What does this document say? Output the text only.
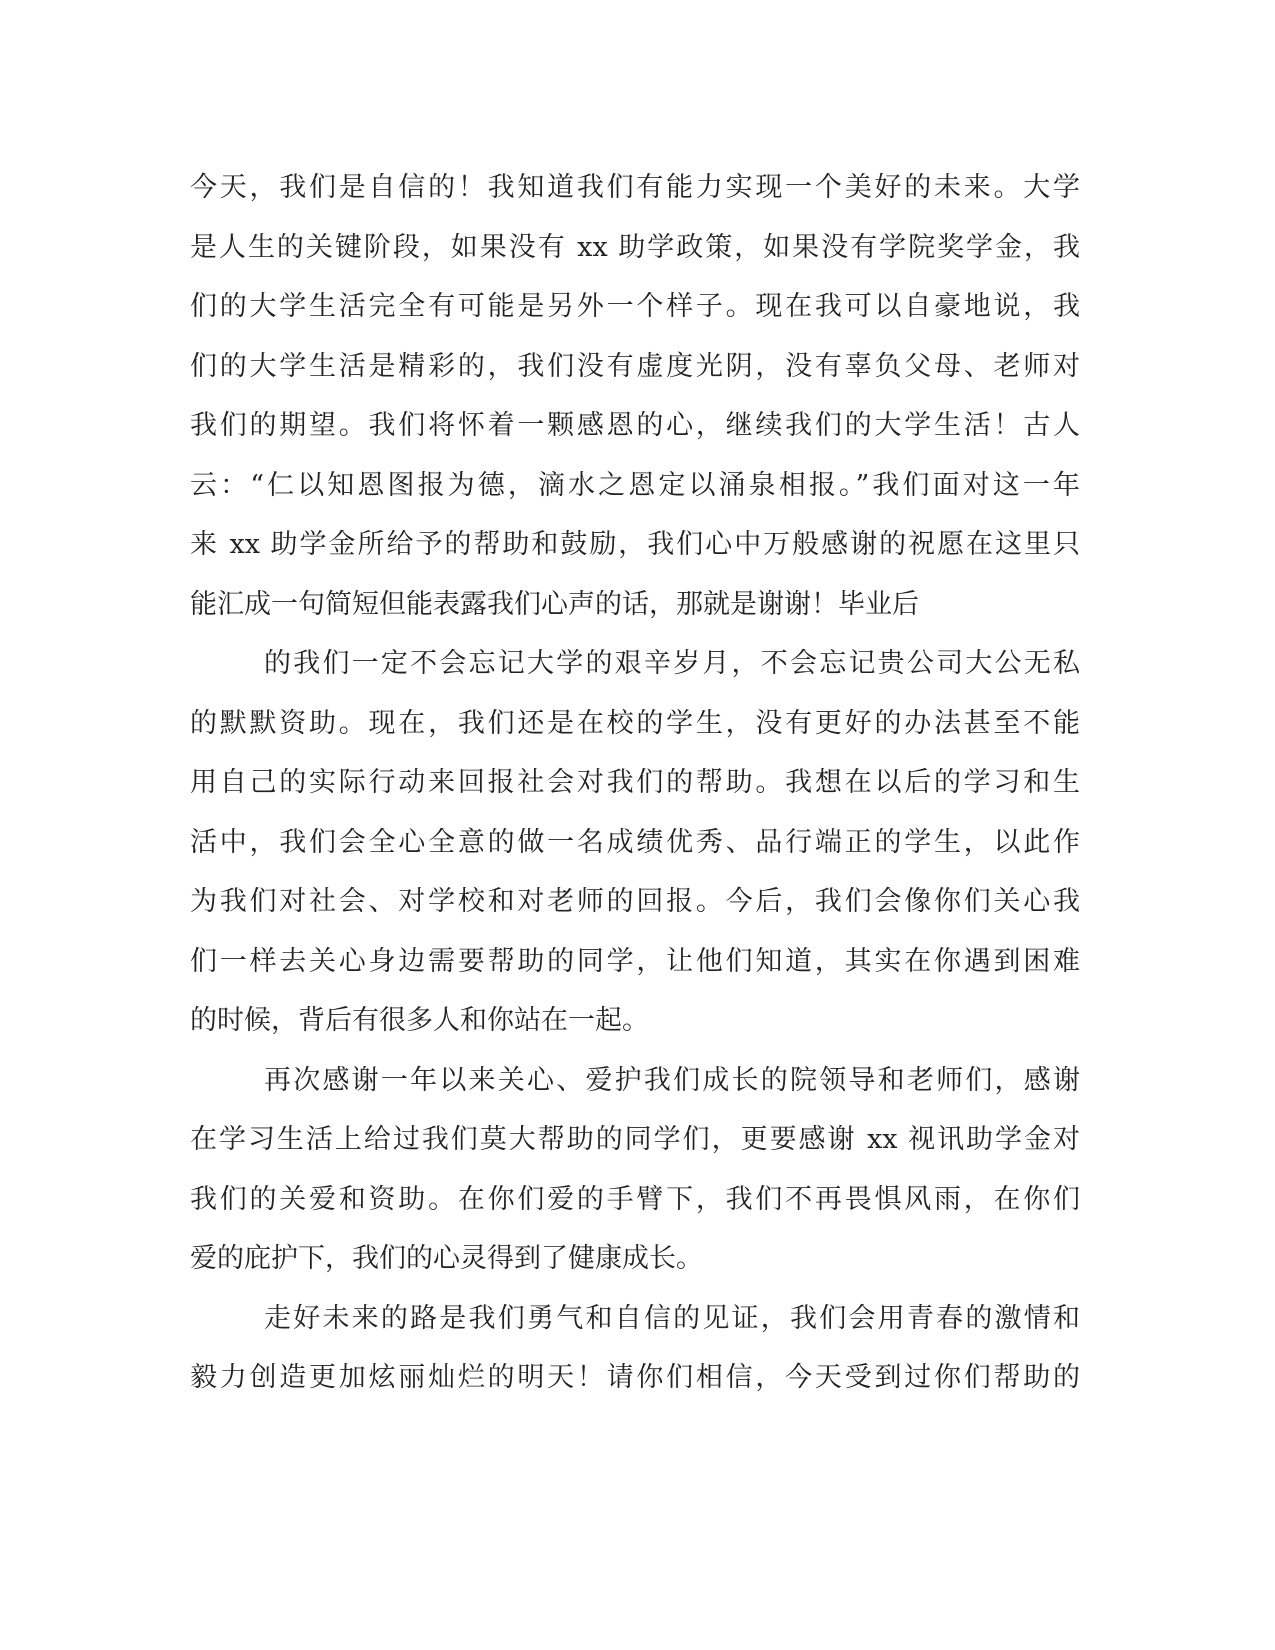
今天，我们是自信的！我知道我们有能力实现一个美好的未来。大学
是人生的关键阶段，如果没有 xx 助学政策，如果没有学院奖学金，我
们的大学生活完全有可能是另外一个样子。现在我可以自豪地说，我
们的大学生活是精彩的，我们没有虚度光阴，没有辜负父母、老师对
我们的期望。我们将怀着一颗感恩的心，继续我们的大学生活！古人
云：“仁以知恩图报为德，滴水之恩定以涌泉相报。”我们面对这一年
来 xx 助学金所给予的帮助和鼓励，我们心中万般感谢的祝愿在这里只
能汇成一句简短但能表露我们心声的话，那就是谢谢！毕业后

的我们一定不会忘记大学的艰辛岁月，不会忘记贵公司大公无私
的默默资助。现在，我们还是在校的学生，没有更好的办法甚至不能
用自己的实际行动来回报社会对我们的帮助。我想在以后的学习和生
活中，我们会全心全意的做一名成绩优秀、品行端正的学生，以此作
为我们对社会、对学校和对老师的回报。今后，我们会像你们关心我
们一样去关心身边需要帮助的同学，让他们知道，其实在你遇到困难
的时候，背后有很多人和你站在一起。

再次感谢一年以来关心、爱护我们成长的院领导和老师们，感谢
在学习生活上给过我们莫大帮助的同学们，更要感谢 xx 视讯助学金对
我们的关爱和资助。在你们爱的手臂下，我们不再畏惧风雨，在你们
爱的庇护下，我们的心灵得到了健康成长。

走好未来的路是我们勇气和自信的见证，我们会用青春的激情和
毅力创造更加炫丽灿烂的明天！请你们相信，今天受到过你们帮助的
